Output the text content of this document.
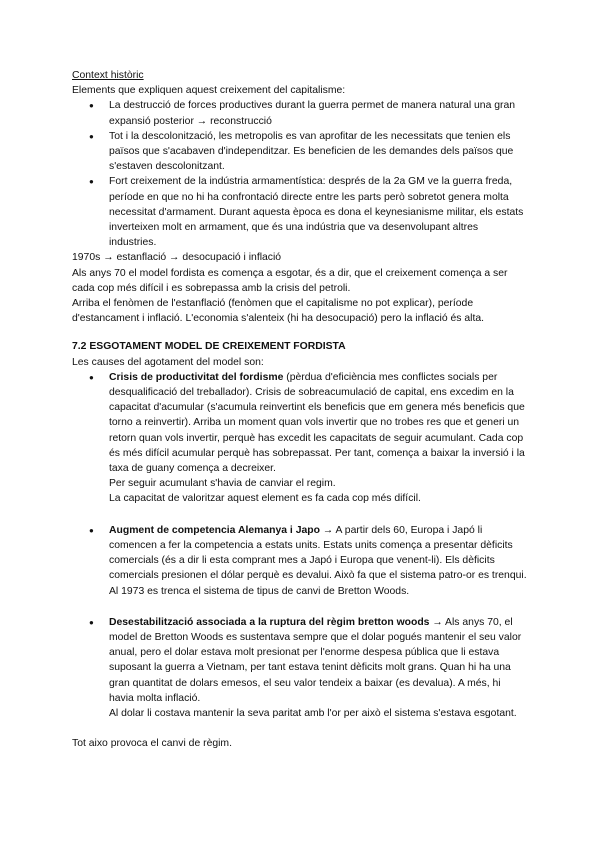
Context històric

Elements que expliquen aquest creixement del capitalisme:

● La destrucció de forces productives durant la guerra permet de manera natural una gran expansió posterior → reconstrucció
● Tot i la descolonització, les metropolis es van aprofitar de les necessitats que tenien els països que s'acabaven d'independitzar. Es beneficien de les demandes dels països que s'estaven descolonitzant.
● Fort creixement de la indústria armamentística: després de la 2a GM ve la guerra freda, període en que no hi ha confrontació directe entre les parts però sobretot genera molta necessitat d'armament. Durant aquesta època es dona el keynesianisme militar, els estats inverteixen molt en armament, que és una indústria que va desenvolupant altres industries.

1970s → estanflació → desocupació i inflació

Als anys 70 el model fordista es comença a esgotar, és a dir, que el creixement comença a ser cada cop més difícil i es sobrepassa amb la crisis del petroli.

Arriba el fenòmen de l'estanflació (fenòmen que el capitalisme no pot explicar), període d'estancament i inflació. L'economia s'alenteix (hi ha desocupació) pero la inflació és alta.

7.2 ESGOTAMENT MODEL DE CREIXEMENT FORDISTA

Les causes del agotament del model son:

● Crisis de productivitat del fordisme (pèrdua d'eficiència mes conflictes socials per desqualificació del treballador). Crisis de sobreacumulació de capital, ens excedim en la capacitat d'acumular (s'acumula reinvertint els beneficis que em genera més beneficis que torno a reinvertir). Arriba un moment quan vols invertir que no trobes res que et generi un retorn quan vols invertir, perquè has excedit les capacitats de seguir acumulant. Cada cop és més difícil acumular perquè has sobrepassat. Per tant, comença a baixar la inversió i la taxa de guany comença a decreixer.
Per seguir acumulant s'havia de canviar el regim.
La capacitat de valoritzar aquest element es fa cada cop més difícil.
● Augment de competencia Alemanya i Japo → A partir dels 60, Europa i Japó li comencen a fer la competencia a estats units. Estats units comença a presentar dèficits comercials (és a dir li esta comprant mes a Japó i Europa que venent-li). Els dèficits comercials presionen el dólar perquè es devalui. Això fa que el sistema patro-or es trenqui. Al 1973 es trenca el sistema de tipus de canvi de Bretton Woods.
● Desestabilització associada a la ruptura del règim bretton woods → Als anys 70, el model de Bretton Woods es sustentava sempre que el dolar pogués mantenir el seu valor anual, pero el dolar estava molt presionat per l'enorme despesa pública que li estava suposant la guerra a Vietnam, per tant estava tenint dèficits molt grans. Quan hi ha una gran quantitat de dolars emesos, el seu valor tendeix a baixar (es devalua). A més, hi havia molta inflació.
Al dolar li costava mantenir la seva paritat amb l'or per això el sistema s'estava esgotant.

Tot aixo provoca el canvi de règim.
